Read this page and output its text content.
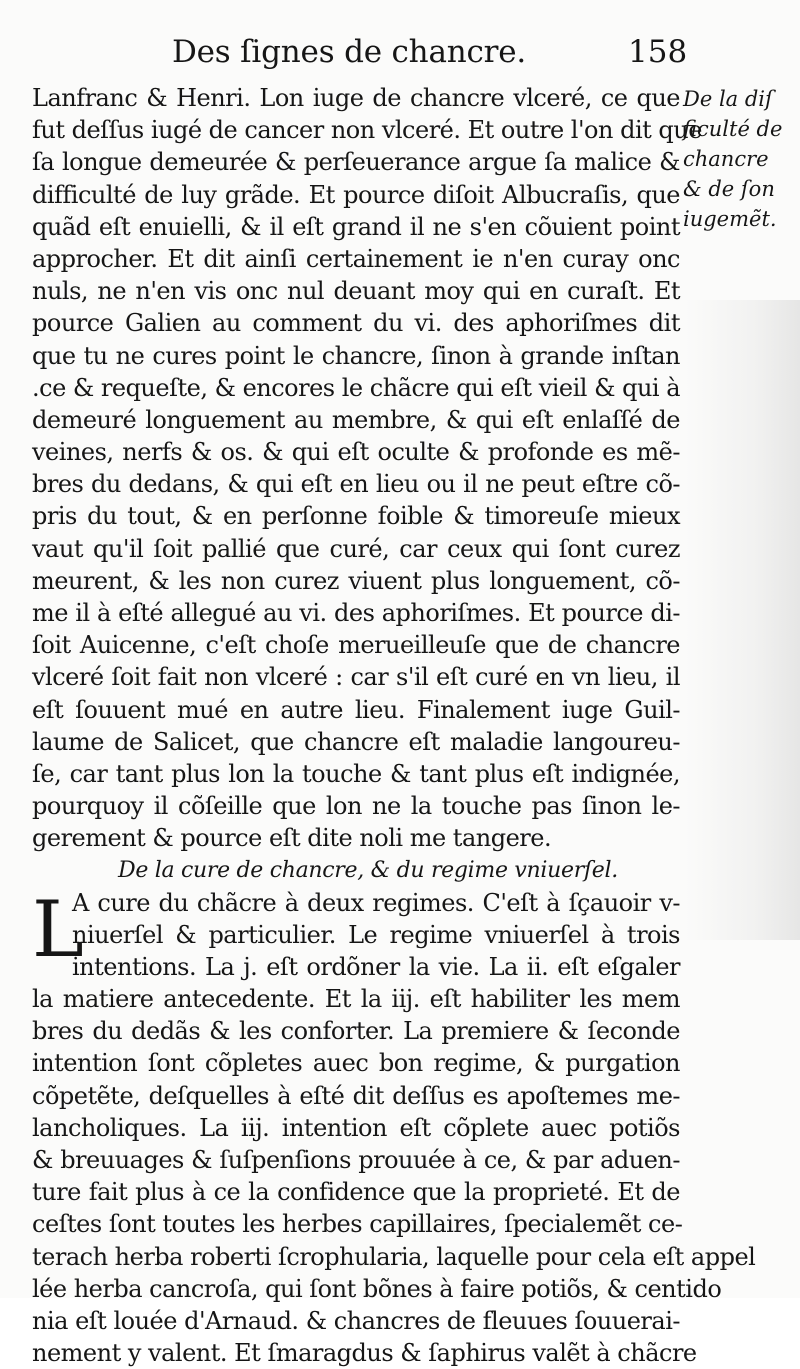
Des ſignes de chancre.	158
De la diſ
ficulté de
chancre
& de ſon
iugemẽt.
Lanfranc & Henri. Lon iuge de chancre vlceré, ce que
fut deſſus iugé de cancer non vlceré. Et outre l'on dit que
ſa longue demeurée & perſeuerance argue ſa malice &
difficulté de luy grãde. Et pource diſoit Albucraſis, que
quãd eſt enuielli, & il eſt grand il ne s'en cõuient point
approcher. Et dit ainſi certainement ie n'en curay onc
nuls, ne n'en vis onc nul deuant moy qui en curaſt. Et
pource Galien au comment du vi. des aphoriſmes dit
que tu ne cures point le chancre, ſinon à grande inſtan
.ce & requeſte, & encores le chãcre qui eſt vieil & qui à
demeuré longuement au membre, & qui eſt enlaſſé de
veines, nerfs & os. & qui eſt oculte & profonde es mẽ-
bres du dedans, & qui eſt en lieu ou il ne peut eſtre cõ-
pris du tout, & en perſonne foible & timoreuſe mieux
vaut qu'il ſoit pallié que curé, car ceux qui ſont curez
meurent, & les non curez viuent plus longuement, cõ-
me il à eſté allegué au vi. des aphoriſmes. Et pource di-
ſoit Auicenne, c'eſt choſe merueilleuſe que de chancre
vlceré ſoit fait non vlceré : car s'il eſt curé en vn lieu, il
eſt ſouuent mué en autre lieu. Finalement iuge Guil-
laume de Salicet, que chancre eſt maladie langoureu-
ſe, car tant plus lon la touche & tant plus eſt indignée,
pourquoy il cõſeille que lon ne la touche pas ſinon le-
gerement & pource eſt dite noli me tangere.
De la cure de chancre, & du regime vniuerſel.
L
A cure du chãcre à deux regimes. C'eſt à ſçauoir v-
niuerſel & particulier. Le regime vniuerſel à trois
intentions. La j. eſt ordõner la vie. La ii. eſt eſgaler
la matiere antecedente. Et la iij. eſt habiliter les mem
bres du dedãs & les conforter. La premiere & ſeconde
intention ſont cõpletes auec bon regime, & purgation
cõpetẽte, deſquelles à eſté dit deſſus es apoſtemes me-
lancholiques. La iij. intention eſt cõplete auec potiõs
& breuuages & ſuſpenſions prouuée à ce, & par aduen-
ture fait plus à ce la confidence que la proprieté. Et de
ceſtes ſont toutes les herbes capillaires, ſpecialemẽt ce-
terach herba roberti ſcrophularia, laquelle pour cela eſt appel
lée herba cancroſa, qui ſont bõnes à faire potiõs, & centido
nia eſt louée d'Arnaud. & chancres de fleuues ſouuerai-
nement y valent. Et ſmaragdus & ſaphirus valẽt à chãcre
